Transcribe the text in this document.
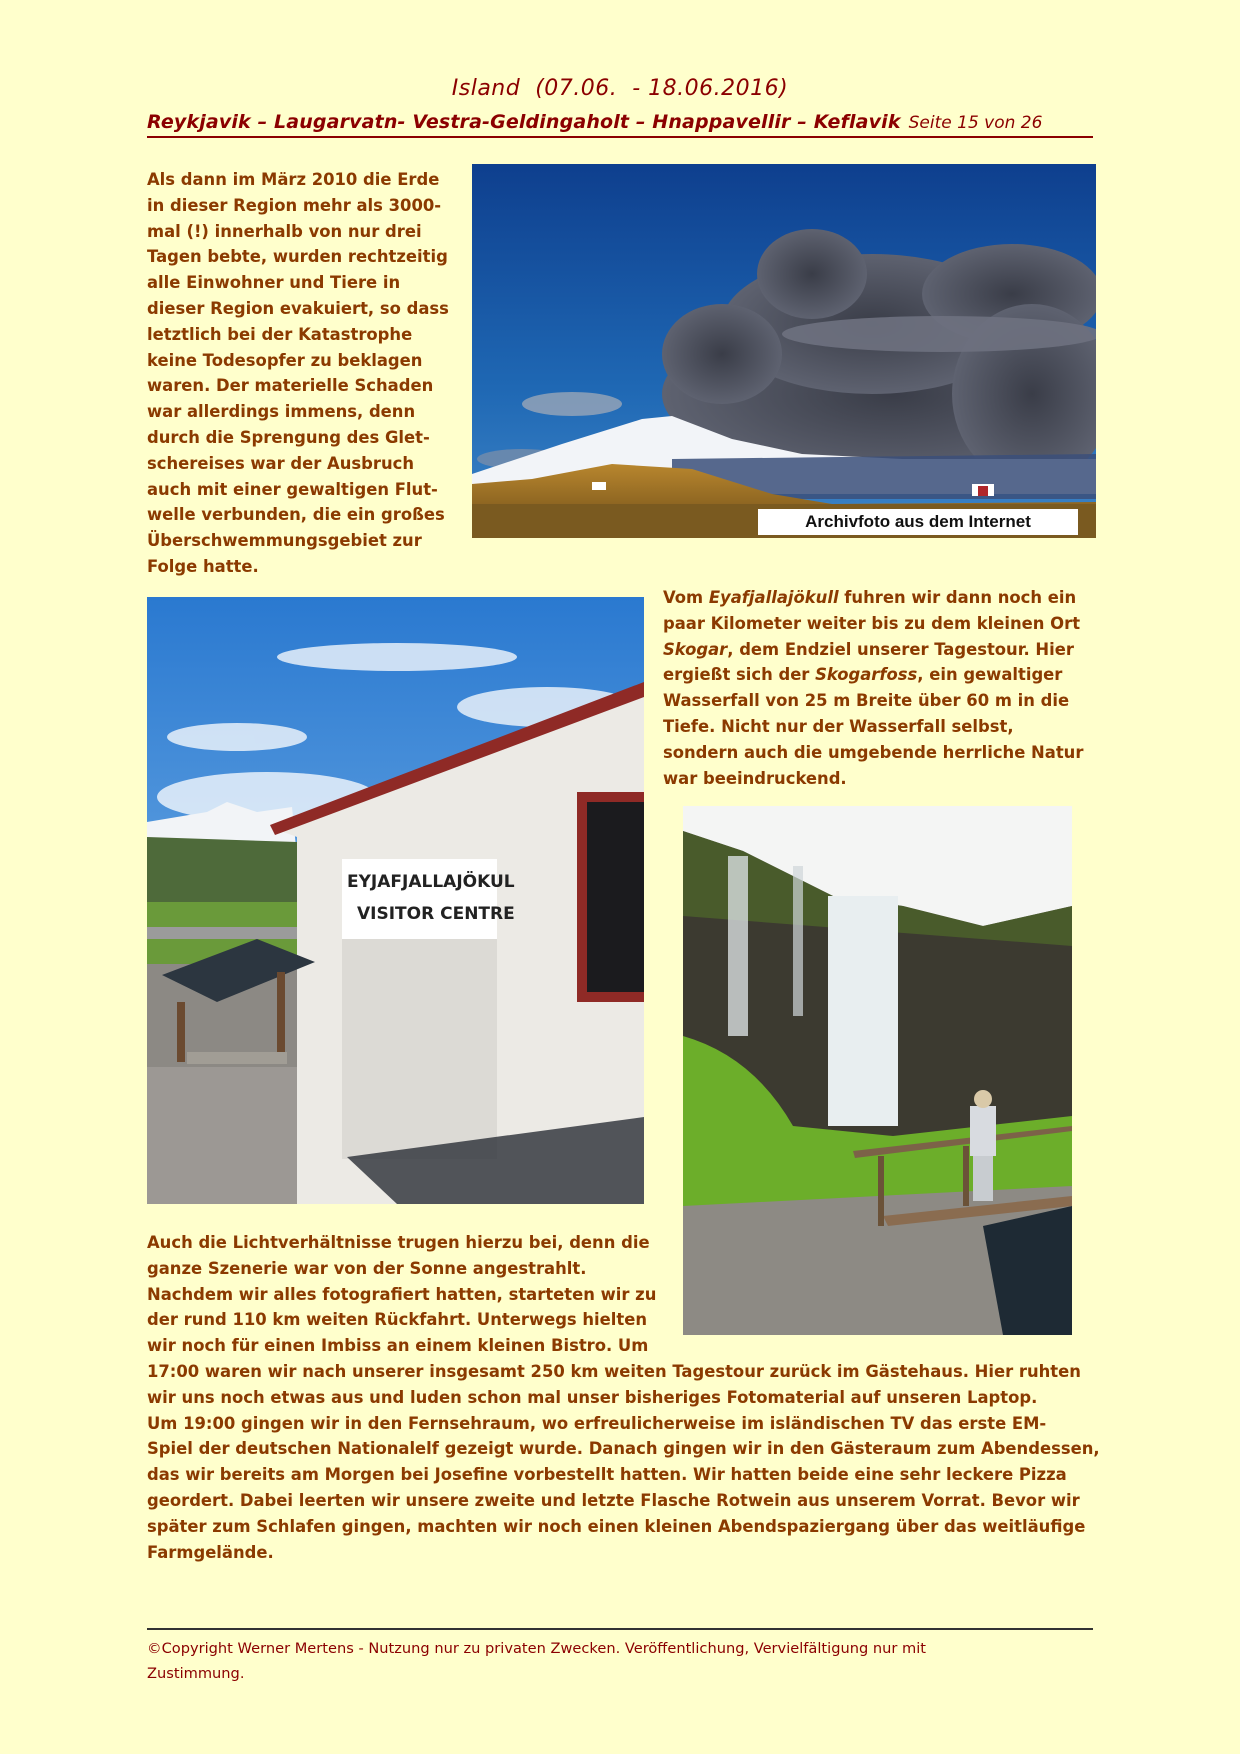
Island  (07.06.  - 18.06.2016)
Reykjavik – Laugarvatn- Vestra-Geldingaholt – Hnappavellir – Keflavik Seite 15 von 26

Als dann im März 2010 die Erde

in dieser Region mehr als 3000-

mal (!) innerhalb von nur drei

Tagen bebte, wurden rechtzeitig

alle Einwohner und Tiere in

dieser Region evakuiert, so dass

letztlich bei der Katastrophe

keine Todesopfer zu beklagen

waren. Der materielle Schaden

war allerdings immens, denn

durch die Sprengung des Glet-

schereises war der Ausbruch

auch mit einer gewaltigen Flut-

welle verbunden, die ein großes

Überschwemmungsgebiet zur

Folge hatte.

Archivfoto aus dem Internet

Vom Eyafjallajökull fuhren wir dann noch ein

paar Kilometer weiter bis zu dem kleinen Ort

Skogar, dem Endziel unserer Tagestour. Hier

ergießt sich der Skogarfoss, ein gewaltiger

Wasserfall von 25 m Breite über 60 m in die

Tiefe. Nicht nur der Wasserfall selbst,

sondern auch die umgebende herrliche Natur

war beeindruckend.

EYJAFJALLAJÖKUL
VISITOR CENTRE

Auch die Lichtverhältnisse trugen hierzu bei, denn die

ganze Szenerie war von der Sonne angestrahlt.

Nachdem wir alles fotografiert hatten, starteten wir zu

der rund 110 km weiten Rückfahrt. Unterwegs hielten

wir noch für einen Imbiss an einem kleinen Bistro. Um

17:00 waren wir nach unserer insgesamt 250 km weiten Tagestour zurück im Gästehaus. Hier ruhten

wir uns noch etwas aus und luden schon mal unser bisheriges Fotomaterial auf unseren Laptop.

Um 19:00 gingen wir in den Fernsehraum, wo erfreulicherweise im isländischen TV das erste EM-

Spiel der deutschen Nationalelf gezeigt wurde. Danach gingen wir in den Gästeraum zum Abendessen,

das wir bereits am Morgen bei Josefine vorbestellt hatten. Wir hatten beide eine sehr leckere Pizza

geordert. Dabei leerten wir unsere zweite und letzte Flasche Rotwein aus unserem Vorrat. Bevor wir

später zum Schlafen gingen, machten wir noch einen kleinen Abendspaziergang über das weitläufige

Farmgelände.

©Copyright Werner Mertens - Nutzung nur zu privaten Zwecken. Veröffentlichung, Vervielfältigung nur mit

Zustimmung.
